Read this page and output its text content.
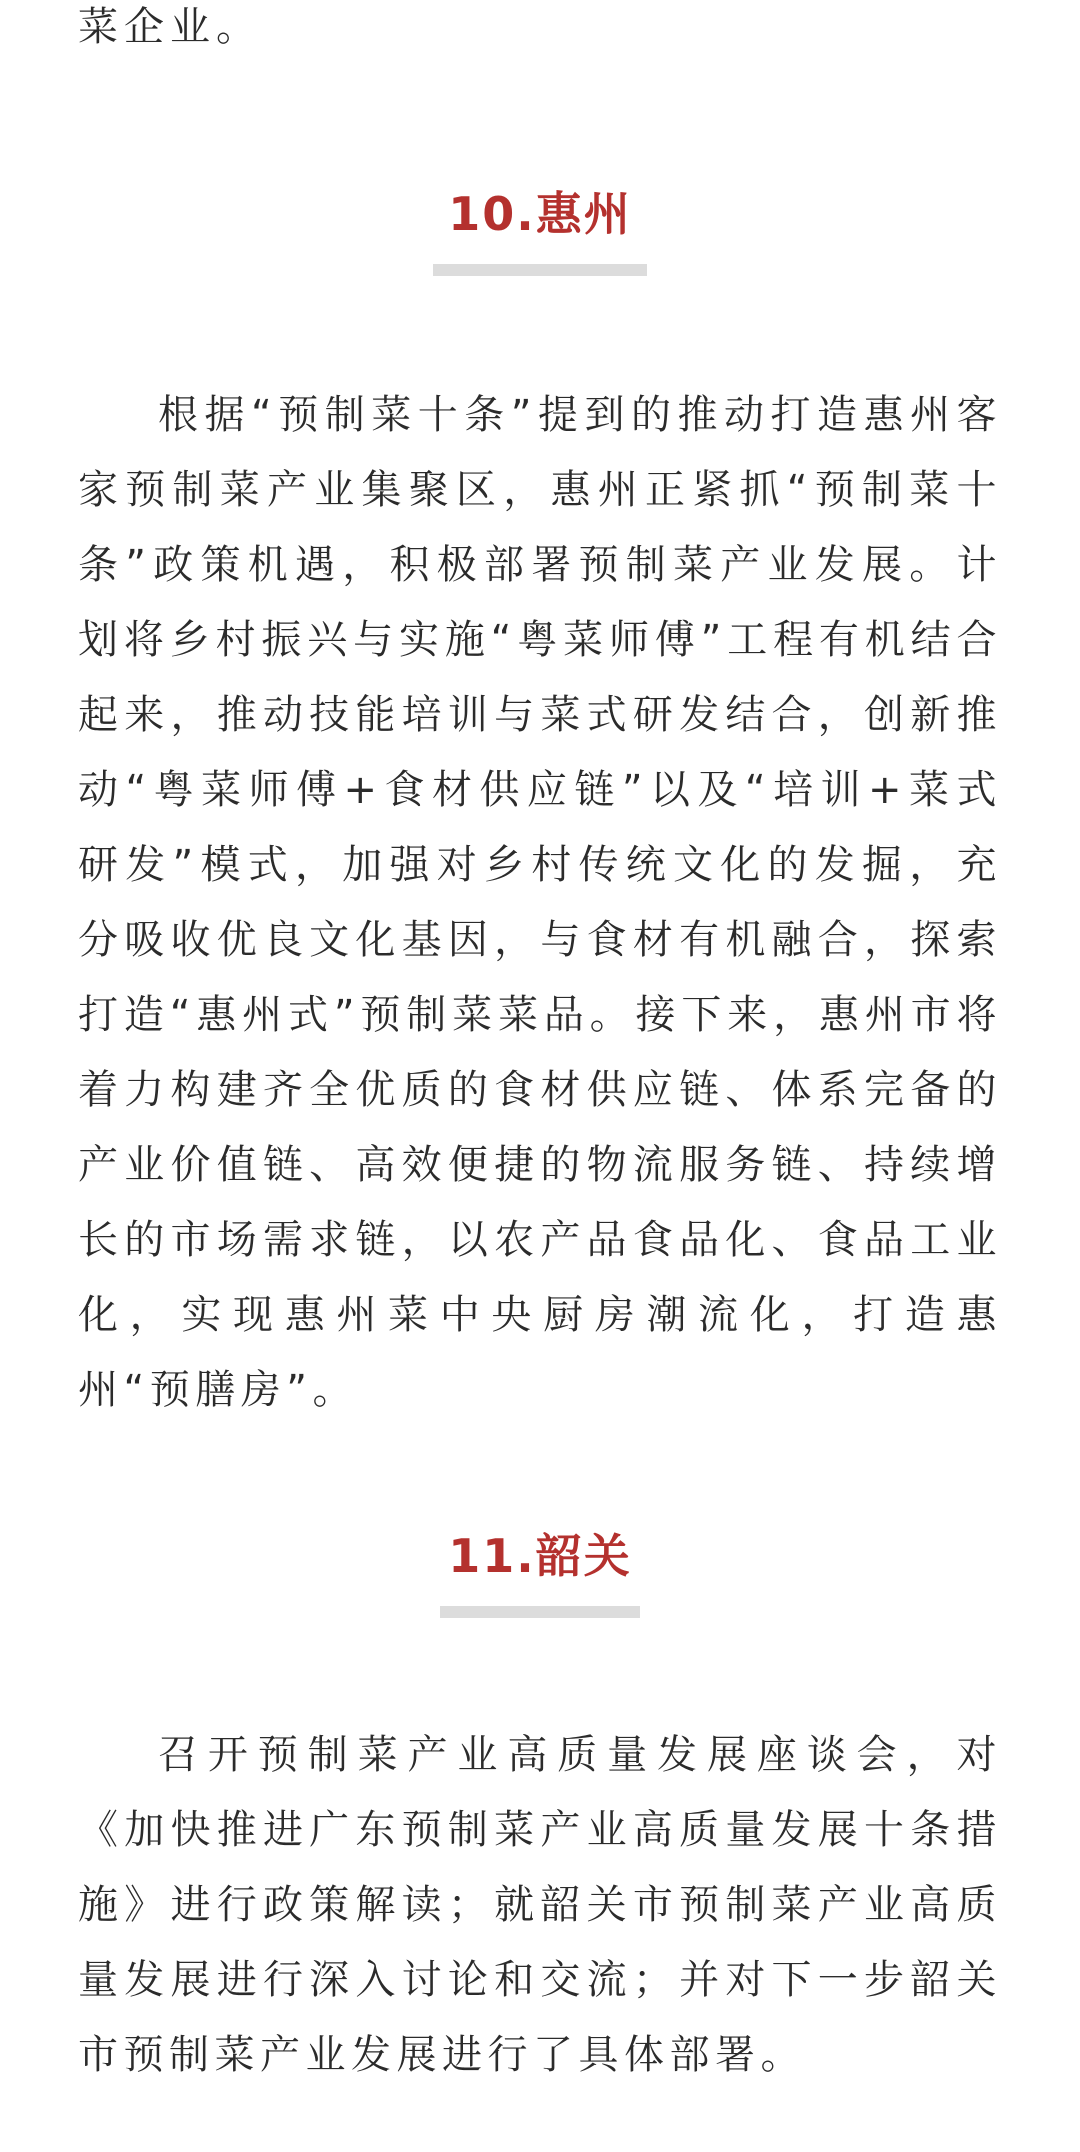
菜企业。

10.惠州

根据“预制菜十条”提到的推动打造惠州客家预制菜产业集聚区，惠州正紧抓“预制菜十条”政策机遇，积极部署预制菜产业发展。计划将乡村振兴与实施“粤菜师傅”工程有机结合起来，推动技能培训与菜式研发结合，创新推动“粤菜师傅+食材供应链”以及“培训+菜式研发”模式，加强对乡村传统文化的发掘，充分吸收优良文化基因，与食材有机融合，探索打造“惠州式”预制菜菜品。接下来，惠州市将着力构建齐全优质的食材供应链、体系完备的产业价值链、高效便捷的物流服务链、持续增长的市场需求链，以农产品食品化、食品工业化，实现惠州菜中央厨房潮流化，打造惠州“预膳房”。

11.韶关

召开预制菜产业高质量发展座谈会，对《加快推进广东预制菜产业高质量发展十条措施》进行政策解读；就韶关市预制菜产业高质量发展进行深入讨论和交流；并对下一步韶关市预制菜产业发展进行了具体部署。
